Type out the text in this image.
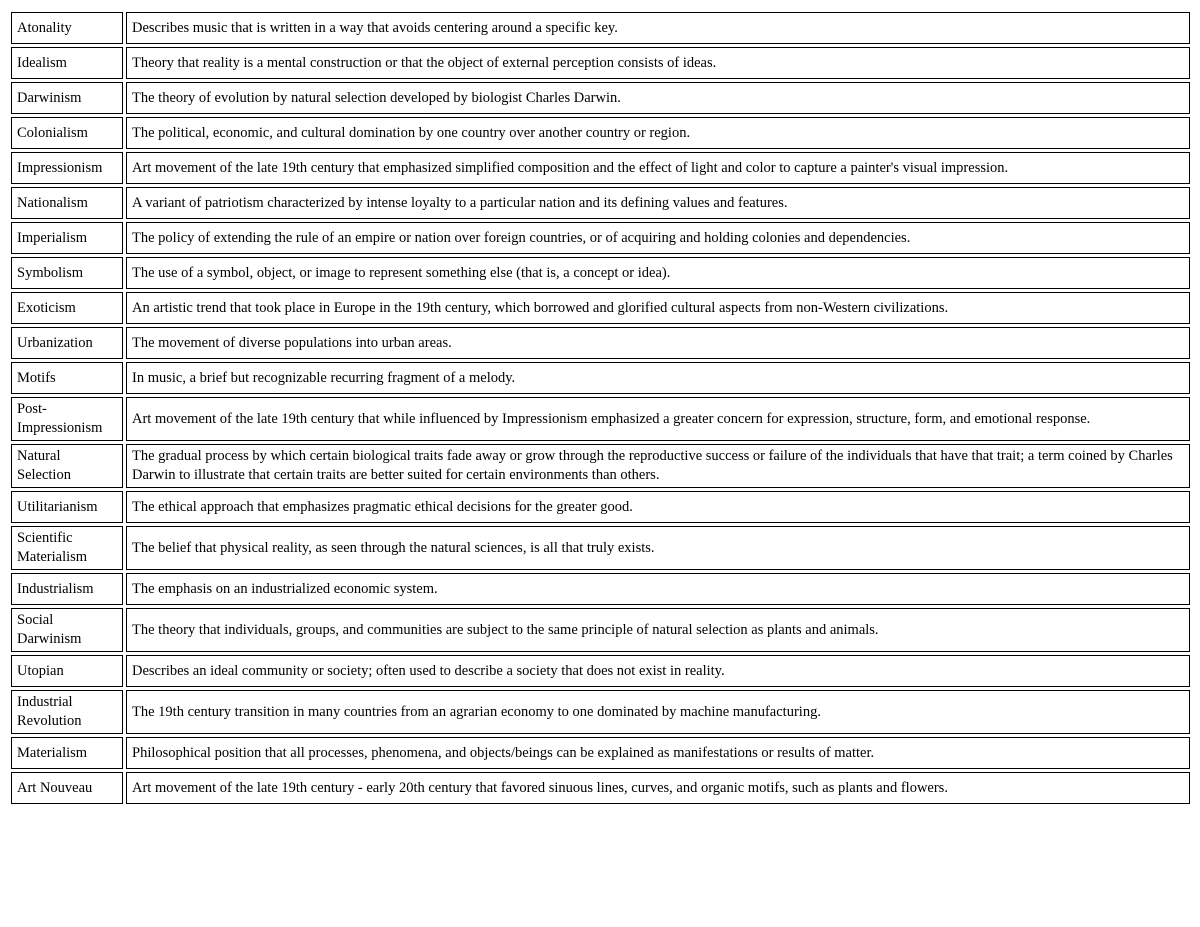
Atonality	Describes music that is written in a way that avoids centering around a specific key.
Idealism	Theory that reality is a mental construction or that the object of external perception consists of ideas.
Darwinism	The theory of evolution by natural selection developed by biologist Charles Darwin.
Colonialism	The political, economic, and cultural domination by one country over another country or region.
Impressionism	Art movement of the late 19th century that emphasized simplified composition and the effect of light and color to capture a painter's visual impression.
Nationalism	A variant of patriotism characterized by intense loyalty to a particular nation and its defining values and features.
Imperialism	The policy of extending the rule of an empire or nation over foreign countries, or of acquiring and holding colonies and dependencies.
Symbolism	The use of a symbol, object, or image to represent something else (that is, a concept or idea).
Exoticism	An artistic trend that took place in Europe in the 19th century, which borrowed and glorified cultural aspects from non-Western civilizations.
Urbanization	The movement of diverse populations into urban areas.
Motifs	In music, a brief but recognizable recurring fragment of a melody.
Post-Impressionism	Art movement of the late 19th century that while influenced by Impressionism emphasized a greater concern for expression, structure, form, and emotional response.
Natural Selection	The gradual process by which certain biological traits fade away or grow through the reproductive success or failure of the individuals that have that trait; a term coined by Charles Darwin to illustrate that certain traits are better suited for certain environments than others.
Utilitarianism	The ethical approach that emphasizes pragmatic ethical decisions for the greater good.
Scientific Materialism	The belief that physical reality, as seen through the natural sciences, is all that truly exists.
Industrialism	The emphasis on an industrialized economic system.
Social Darwinism	The theory that individuals, groups, and communities are subject to the same principle of natural selection as plants and animals.
Utopian	Describes an ideal community or society; often used to describe a society that does not exist in reality.
Industrial Revolution	The 19th century transition in many countries from an agrarian economy to one dominated by machine manufacturing.
Materialism	Philosophical position that all processes, phenomena, and objects/beings can be explained as manifestations or results of matter.
Art Nouveau	Art movement of the late 19th century - early 20th century that favored sinuous lines, curves, and organic motifs, such as plants and flowers.
